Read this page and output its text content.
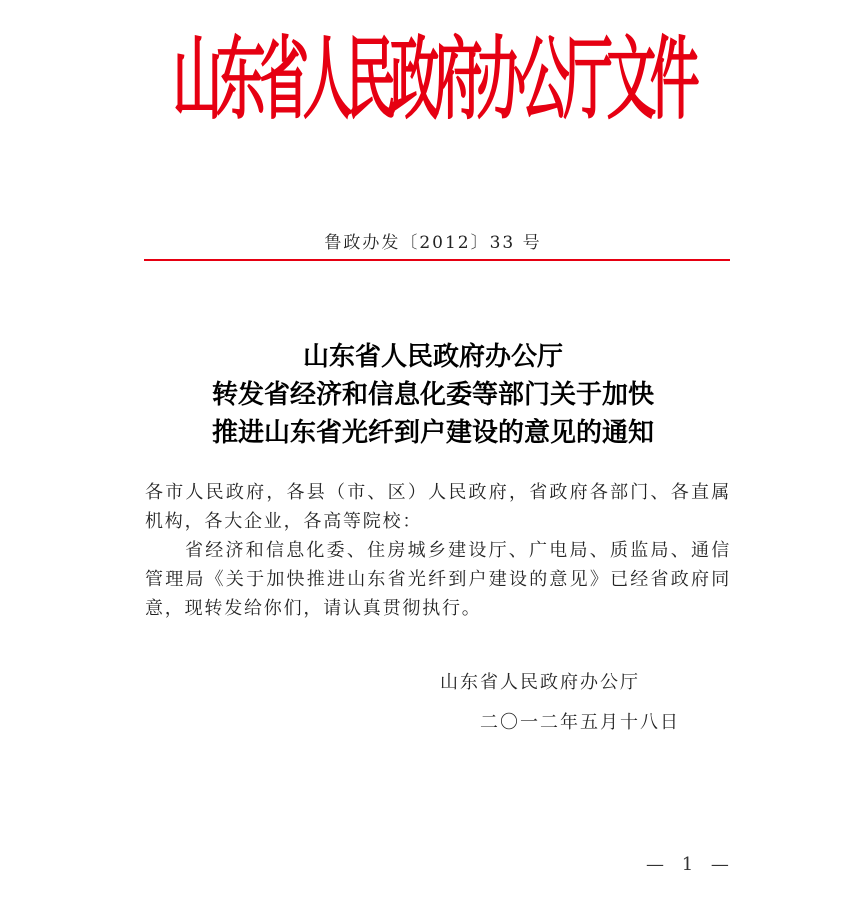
山东省人民政府办公厅文件
鲁政办发〔2012〕33 号
山东省人民政府办公厅
转发省经济和信息化委等部门关于加快
推进山东省光纤到户建设的意见的通知

各市人民政府，各县（市、区）人民政府，省政府各部门、各直属机构，各大企业，各高等院校：

省经济和信息化委、住房城乡建设厅、广电局、质监局、通信管理局《关于加快推进山东省光纤到户建设的意见》已经省政府同意，现转发给你们，请认真贯彻执行。

山东省人民政府办公厅
二〇一二年五月十八日
— 1 —
